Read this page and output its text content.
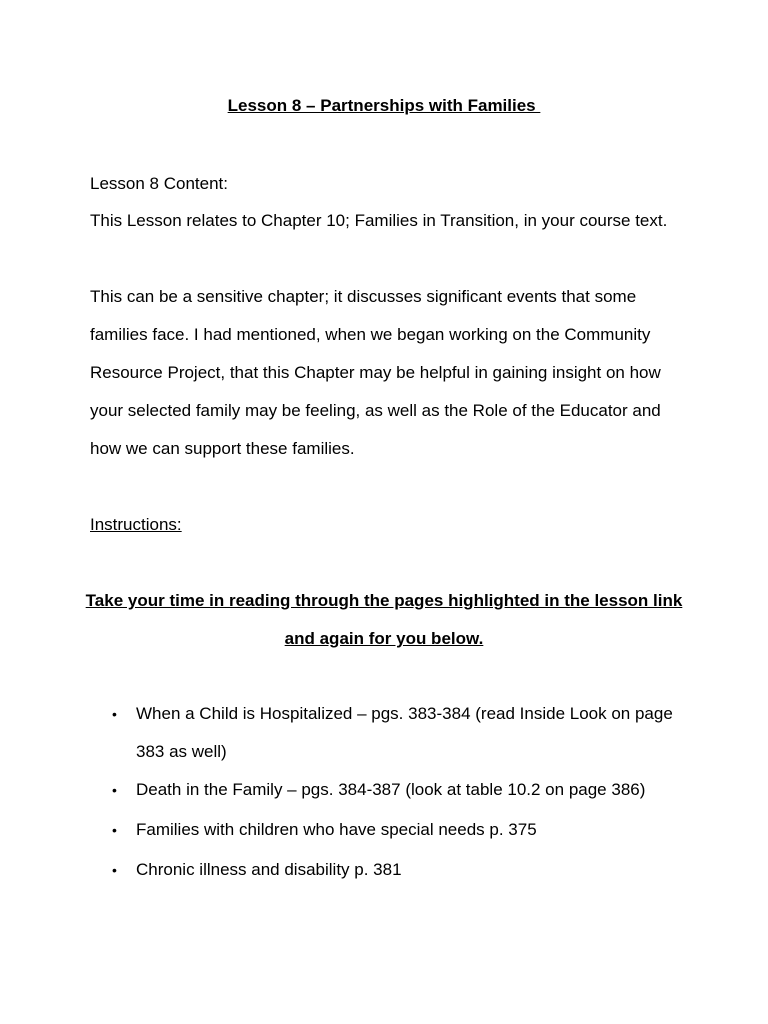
Lesson 8 – Partnerships with Families
Lesson 8 Content:

This Lesson relates to Chapter 10; Families in Transition, in your course text.

This can be a sensitive chapter; it discusses significant events that some families face. I had mentioned, when we began working on the Community Resource Project, that this Chapter may be helpful in gaining insight on how your selected family may be feeling, as well as the Role of the Educator and how we can support these families.

Instructions:

Take your time in reading through the pages highlighted in the lesson link and again for you below.

• When a Child is Hospitalized – pgs. 383-384 (read Inside Look on page 383 as well)
• Death in the Family – pgs. 384-387 (look at table 10.2 on page 386)
• Families with children who have special needs p. 375
• Chronic illness and disability p. 381
